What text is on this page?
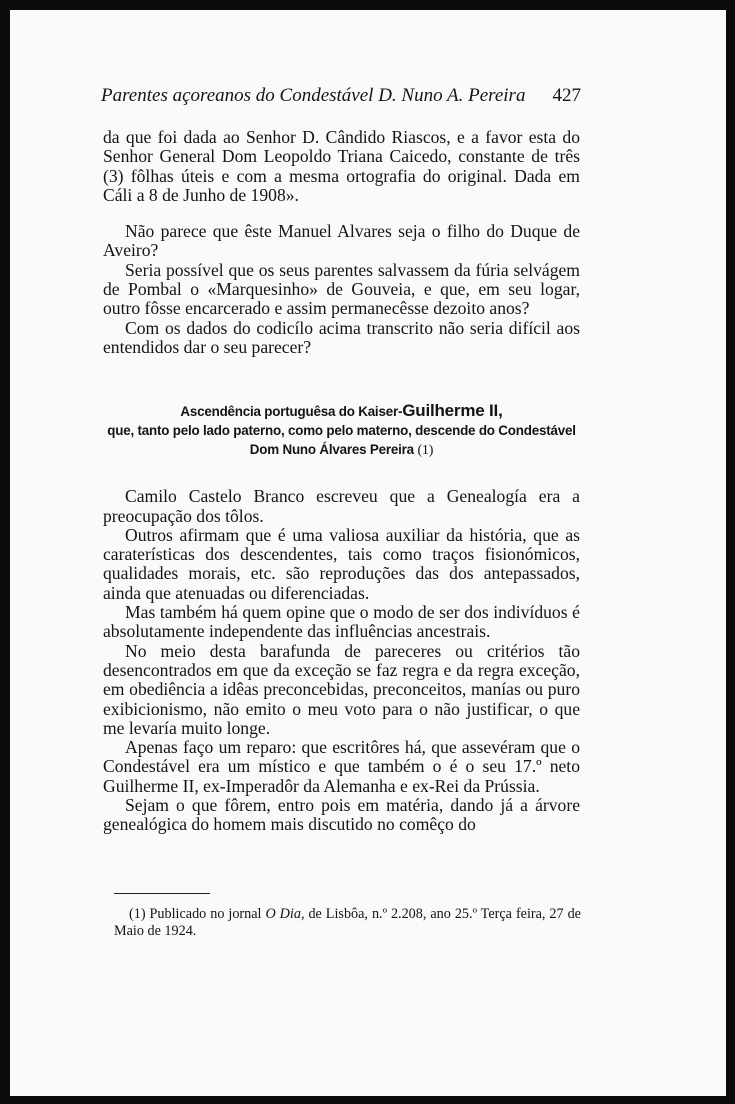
Parentes açoreanos do Condestável D. Nuno A. Pereira 427

da que foi dada ao Senhor D. Cândido Riascos, e a favor esta do Senhor General Dom Leopoldo Triana Caicedo, constante de três (3) fôlhas úteis e com a mesma ortografia do original. Dada em Cáli a 8 de Junho de 1908».

Não parece que êste Manuel Alvares seja o filho do Duque de Aveiro?

Seria possível que os seus parentes salvassem da fúria selvágem de Pombal o «Marquesinho» de Gouveia, e que, em seu logar, outro fôsse encarcerado e assim permanecêsse dezoito anos?

Com os dados do codicílo acima transcrito não seria difícil aos entendidos dar o seu parecer?

Ascendência portuguêsa do Kaiser-Guilherme II,
que, tanto pelo lado paterno, como pelo materno, descende do Condestável
Dom Nuno Álvares Pereira (1)

Camilo Castelo Branco escreveu que a Genealogía era a preocupação dos tôlos.

Outros afirmam que é uma valiosa auxiliar da história, que as caraterísticas dos descendentes, tais como traços fisionómicos, qualidades morais, etc. são reproduções das dos antepassados, ainda que atenuadas ou diferenciadas.

Mas também há quem opine que o modo de ser dos indivíduos é absolutamente independente das influências ancestrais.

No meio desta barafunda de pareceres ou critérios tão desencontrados em que da exceção se faz regra e da regra exceção, em obediência a idêas preconcebidas, preconceitos, manías ou puro exibicionismo, não emito o meu voto para o não justificar, o que me levaría muito longe.

Apenas faço um reparo: que escritôres há, que assevéram que o Condestável era um místico e que também o é o seu 17.º neto Guilherme II, ex-Imperadôr da Alemanha e ex-Rei da Prússia.

Sejam o que fôrem, entro pois em matéria, dando já a árvore genealógica do homem mais discutido no comêço do

(1) Publicado no jornal O Dia, de Lisbôa, n.º 2.208, ano 25.º Terça feira, 27 de Maio de 1924.
